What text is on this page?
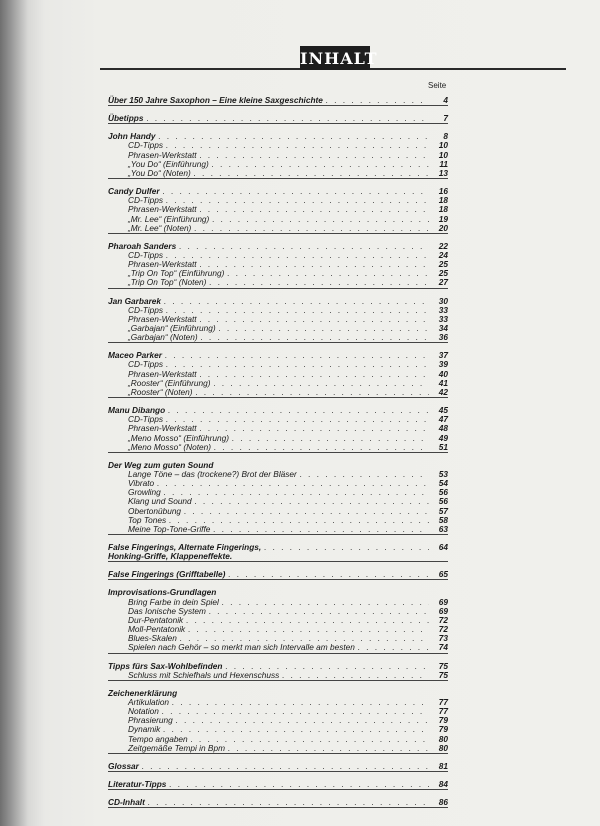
INHALT
Seite
Über 150 Jahre Saxophon – Eine kleine Saxgeschichte . . .	4
Übetipps . . .	7
John Handy . . .	8
CD-Tipps . . .	10
Phrasen-Werkstatt . . .	10
„You Do“ (Einführung) . . .	11
„You Do“ (Noten) . . .	13
Candy Dulfer . . .	16
CD-Tipps . . .	18
Phrasen-Werkstatt . . .	18
„Mr. Lee“ (Einführung) . . .	19
„Mr. Lee“ (Noten) . . .	20
Pharoah Sanders . . .	22
CD-Tipps . . .	24
Phrasen-Werkstatt . . .	25
„Trip On Top“ (Einführung) . . .	25
„Trip On Top“ (Noten) . . .	27
Jan Garbarek . . .	30
CD-Tipps . . .	33
Phrasen-Werkstatt . . .	33
„Garbajan“ (Einführung) . . .	34
„Garbajan“ (Noten) . . .	36
Maceo Parker . . .	37
CD-Tipps . . .	39
Phrasen-Werkstatt . . .	40
„Rooster“ (Einführung) . . .	41
„Rooster“ (Noten) . . .	42
Manu Dibango . . .	45
CD-Tipps . . .	47
Phrasen-Werkstatt . . .	48
„Meno Mosso“ (Einführung) . . .	49
„Meno Mosso“ (Noten) . . .	51
Der Weg zum guten Sound
Lange Töne – das (trockene?) Brot der Bläser . . .	53
Vibrato . . .	54
Growling . . .	56
Klang und Sound . . .	56
Obertonübung . . .	57
Top Tones . . .	58
Meine Top-Tone-Griffe . . .	63
False Fingerings, Alternate Fingerings, . . .	64
Honking-Griffe, Klappeneffekte.
False Fingerings (Grifftabelle) . . .	65
Improvisations-Grundlagen
Bring Farbe in dein Spiel . . .	69
Das Ionische System . . .	69
Dur-Pentatonik . . .	72
Moll-Pentatonik . . .	72
Blues-Skalen . . .	73
Spielen nach Gehör – so merkt man sich Intervalle am besten . . .	74
Tipps fürs Sax-Wohlbefinden . . .	75
Schluss mit Schiefhals und Hexenschuss . . .	75
Zeichenerklärung
Artikulation . . .	77
Notation . . .	77
Phrasierung . . .	79
Dynamik . . .	79
Tempo angaben . . .	80
Zeitgemäße Tempi in Bpm . . .	80
Glossar . . .	81
Literatur-Tipps . . .	84
CD-Inhalt . . .	86
